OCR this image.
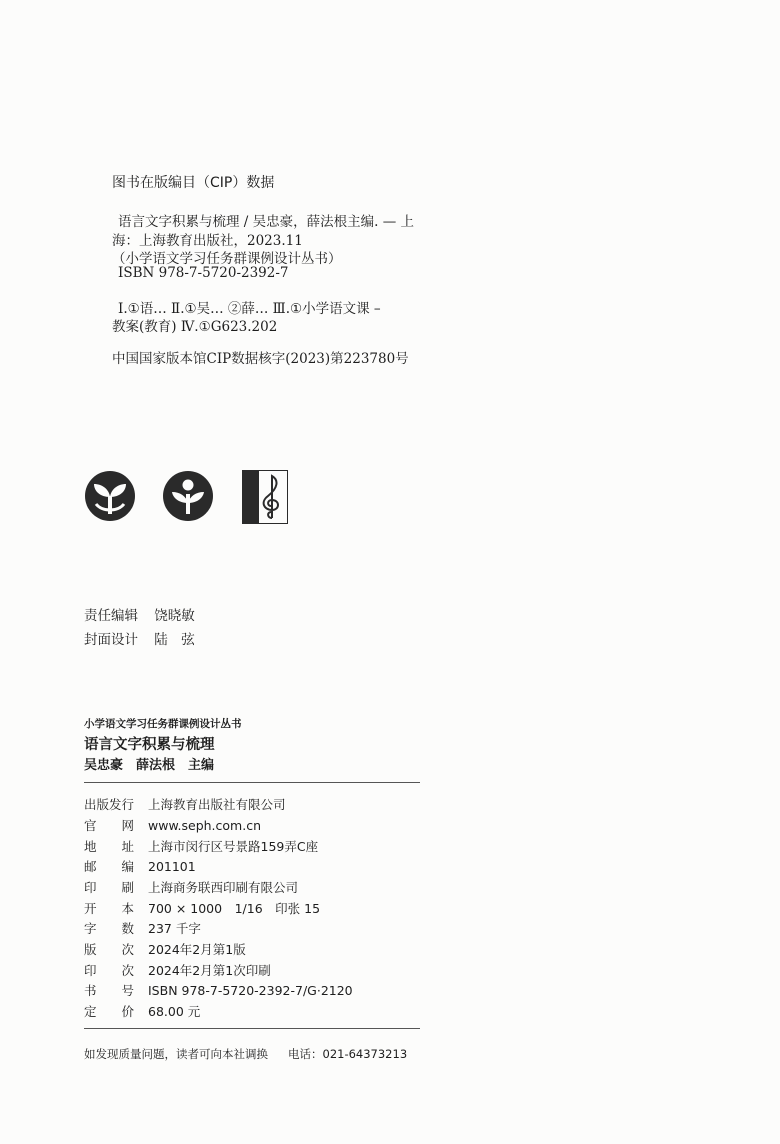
图书在版编目（CIP）数据
语言文字积累与梳理 / 吴忠豪，薛法根主编. — 上
海：上海教育出版社，2023.11
（小学语文学习任务群课例设计丛书）
ISBN 978-7-5720-2392-7
Ⅰ.①语… Ⅱ.①吴… ②薛… Ⅲ.①小学语文课 –
教案(教育) Ⅳ.①G623.202
中国国家版本馆CIP数据核字(2023)第223780号
责任编辑 饶晓敏
封面设计 陆　弦
小学语文学习任务群课例设计丛书
语言文字积累与梳理
吴忠豪　薛法根　主编
出版发行 上海教育出版社有限公司
官　　网 www.seph.com.cn
地　　址 上海市闵行区号景路159弄C座
邮　　编 201101
印　　刷 上海商务联西印刷有限公司
开　　本 700 × 1000　1/16　印张 15
字　　数 237 千字
版　　次 2024年2月第1版
印　　次 2024年2月第1次印刷
书　　号 ISBN 978-7-5720-2392-7/G·2120
定　　价 68.00 元
如发现质量问题，读者可向本社调换 电话：021-64373213
